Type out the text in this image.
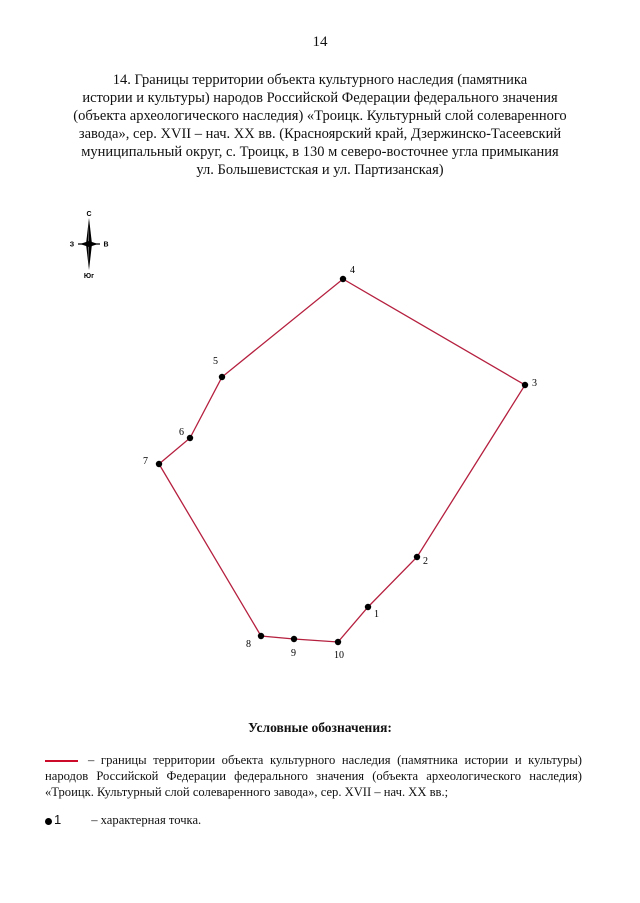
14
14. Границы территории объекта культурного наследия (памятника
истории и культуры) народов Российской Федерации федерального значения
(объекта археологического наследия) «Троицк. Культурный слой солеваренного
завода», сер. XVII – нач. XX вв. (Красноярский край, Дзержинско-Тасеевский
муниципальный округ, с. Троицк, в 130 м северо-восточнее угла примыкания
ул. Большевистская и ул. Партизанская)
С
З	В
Юг
1
2
3
4
5
6
7
8
9	10
Условные обозначения:
– границы территории объекта культурного наследия (памятника истории и культуры)
народов Российской Федерации федерального значения (объекта археологического наследия)
«Троицк. Культурный слой солеваренного завода», сер. XVII – нач. XX вв.;
1 – характерная точка.
